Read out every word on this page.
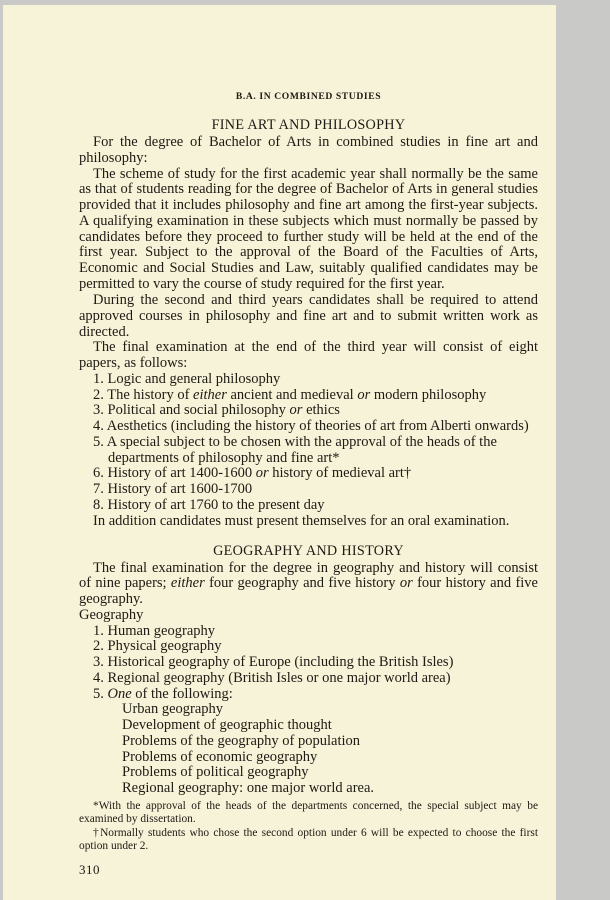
B.A. IN COMBINED STUDIES
FINE ART AND PHILOSOPHY

For the degree of Bachelor of Arts in combined studies in fine art and philosophy:

The scheme of study for the first academic year shall normally be the same as that of students reading for the degree of Bachelor of Arts in general studies provided that it includes philosophy and fine art among the first-year subjects. A qualifying examination in these subjects which must normally be passed by candidates before they proceed to further study will be held at the end of the first year. Subject to the approval of the Board of the Faculties of Arts, Economic and Social Studies and Law, suitably qualified candidates may be permitted to vary the course of study required for the first year.

During the second and third years candidates shall be required to attend approved courses in philosophy and fine art and to submit written work as directed.

The final examination at the end of the third year will consist of eight papers, as follows:

1. Logic and general philosophy
2. The history of either ancient and medieval or modern philosophy
3. Political and social philosophy or ethics
4. Aesthetics (including the history of theories of art from Alberti onwards)
5. A special subject to be chosen with the approval of the heads of the
departments of philosophy and fine art*
6. History of art 1400-1600 or history of medieval art†
7. History of art 1600-1700
8. History of art 1760 to the present day
In addition candidates must present themselves for an oral examination.
GEOGRAPHY AND HISTORY

The final examination for the degree in geography and history will consist of nine papers; either four geography and five history or four history and five geography.

Geography
1. Human geography
2. Physical geography
3. Historical geography of Europe (including the British Isles)
4. Regional geography (British Isles or one major world area)
5. One of the following:
Urban geography
Development of geographic thought
Problems of the geography of population
Problems of economic geography
Problems of political geography
Regional geography: one major world area.

*With the approval of the heads of the departments concerned, the special subject may be examined by dissertation.

†Normally students who chose the second option under 6 will be expected to choose the first option under 2.

310
